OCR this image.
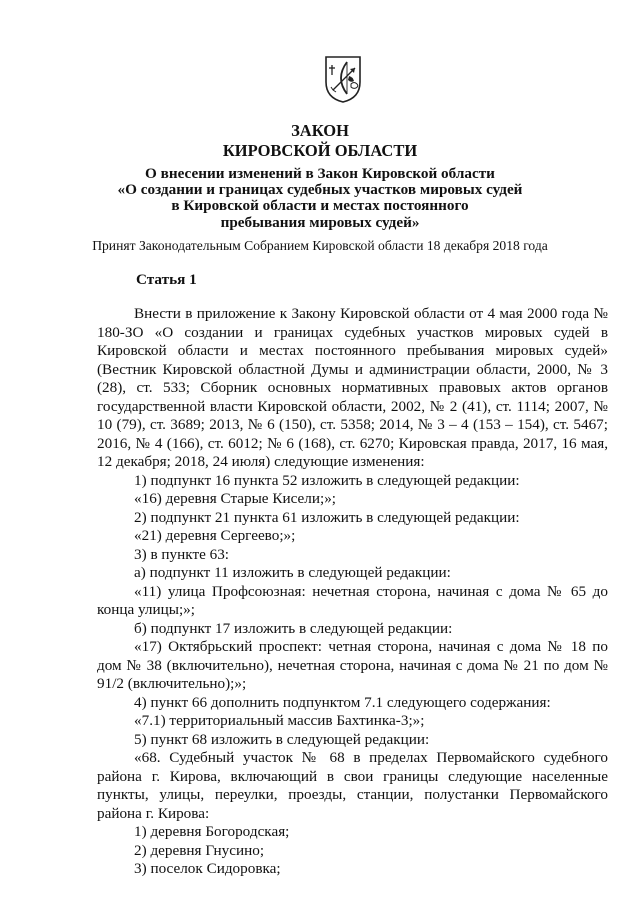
ЗАКОН
КИРОВСКОЙ ОБЛАСТИ
О внесении изменений в Закон Кировской области
«О создании и границах судебных участков мировых судей
в Кировской области и местах постоянного
пребывания мировых судей»
Принят Законодательным Собранием Кировской области 18 декабря 2018 года
Статья 1

Внести в приложение к Закону Кировской области от 4 мая 2000 года № 180-ЗО «О создании и границах судебных участков мировых судей в Кировской области и местах постоянного пребывания мировых судей» (Вестник Кировской областной Думы и администрации области, 2000, № 3 (28), ст. 533; Сборник основных нормативных правовых актов органов государственной власти Кировской области, 2002, № 2 (41), ст. 1114; 2007, № 10 (79), ст. 3689; 2013, № 6 (150), ст. 5358; 2014, № 3 – 4 (153 – 154), ст. 5467; 2016, № 4 (166), ст. 6012; № 6 (168), ст. 6270; Кировская правда, 2017, 16 мая, 12 декабря; 2018, 24 июля) следующие изменения:

1) подпункт 16 пункта 52 изложить в следующей редакции:

«16) деревня Старые Кисели;»;

2) подпункт 21 пункта 61 изложить в следующей редакции:

«21) деревня Сергеево;»;

3) в пункте 63:

а) подпункт 11 изложить в следующей редакции:

«11) улица Профсоюзная: нечетная сторона, начиная с дома № 65 до конца улицы;»;

б) подпункт 17 изложить в следующей редакции:

«17) Октябрьский проспект: четная сторона, начиная с дома № 18 по дом № 38 (включительно), нечетная сторона, начиная с дома № 21 по дом № 91/2 (включительно);»;

4) пункт 66 дополнить подпунктом 7.1 следующего содержания:

«7.1) территориальный массив Бахтинка-3;»;

5) пункт 68 изложить в следующей редакции:

«68. Судебный участок № 68 в пределах Первомайского судебного района г. Кирова, включающий в свои границы следующие населенные пункты, улицы, переулки, проезды, станции, полустанки Первомайского района г. Кирова:

1) деревня Богородская;

2) деревня Гнусино;

3) поселок Сидоровка;
